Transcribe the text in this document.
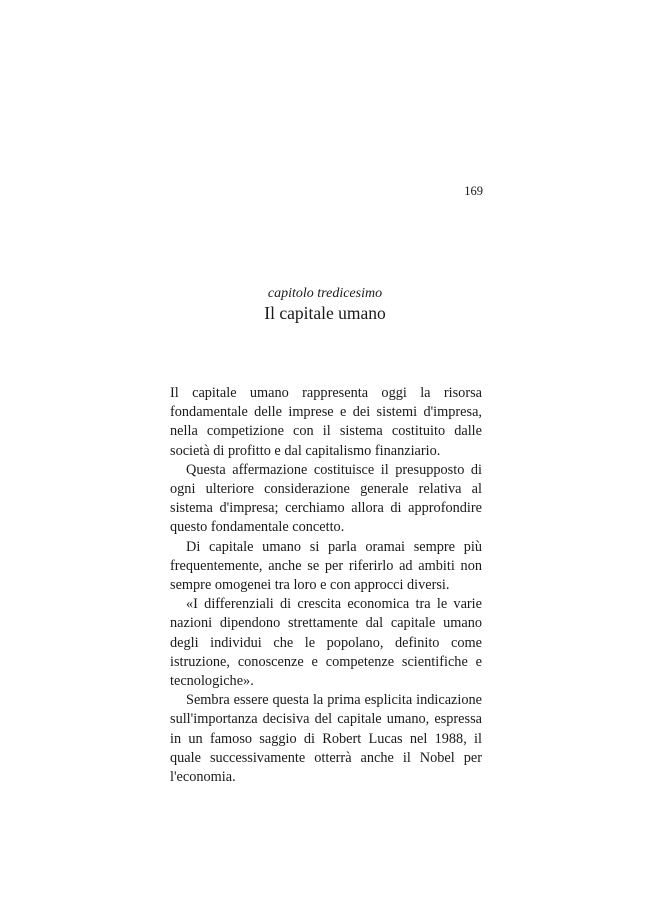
169
capitolo tredicesimo
Il capitale umano

Il capitale umano rappresenta oggi la risorsa fondamentale delle imprese e dei sistemi d'impresa, nella competizione con il sistema costituito dalle società di profitto e dal capitalismo finanziario.

Questa affermazione costituisce il presupposto di ogni ulteriore considerazione generale relativa al sistema d'impresa; cerchiamo allora di approfondire questo fondamentale concetto.

Di capitale umano si parla oramai sempre più frequentemente, anche se per riferirlo ad ambiti non sempre omogenei tra loro e con approcci diversi.

«I differenziali di crescita economica tra le varie nazioni dipendono strettamente dal capitale umano degli individui che le popolano, definito come istruzione, conoscenze e competenze scientifiche e tecnologiche».

Sembra essere questa la prima esplicita indicazione sull'importanza decisiva del capitale umano, espressa in un famoso saggio di Robert Lucas nel 1988, il quale successivamente otterrà anche il Nobel per l'economia.
